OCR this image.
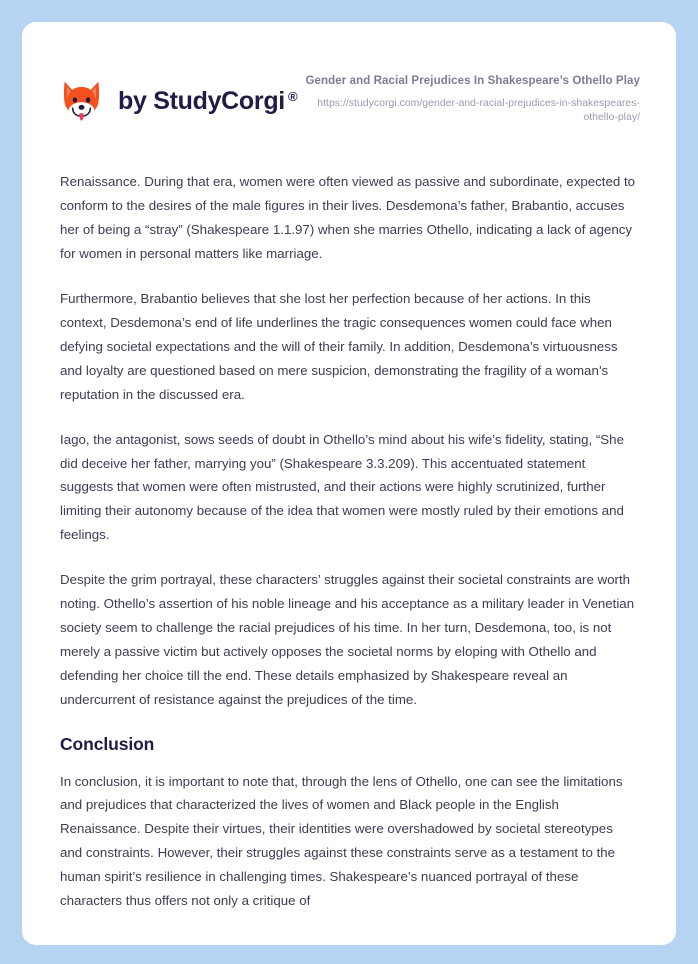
by StudyCorgi ®

Gender and Racial Prejudices In Shakespeare’s Othello Play

https://studycorgi.com/gender-and-racial-prejudices-in-shakespeares-othello-play/

Renaissance. During that era, women were often viewed as passive and subordinate, expected to conform to the desires of the male figures in their lives. Desdemona’s father, Brabantio, accuses her of being a “stray” (Shakespeare 1.1.97) when she marries Othello, indicating a lack of agency for women in personal matters like marriage.

Furthermore, Brabantio believes that she lost her perfection because of her actions. In this context, Desdemona’s end of life underlines the tragic consequences women could face when defying societal expectations and the will of their family. In addition, Desdemona’s virtuousness and loyalty are questioned based on mere suspicion, demonstrating the fragility of a woman’s reputation in the discussed era.

Iago, the antagonist, sows seeds of doubt in Othello’s mind about his wife’s fidelity, stating, “She did deceive her father, marrying you” (Shakespeare 3.3.209). This accentuated statement suggests that women were often mistrusted, and their actions were highly scrutinized, further limiting their autonomy because of the idea that women were mostly ruled by their emotions and feelings.

Despite the grim portrayal, these characters’ struggles against their societal constraints are worth noting. Othello’s assertion of his noble lineage and his acceptance as a military leader in Venetian society seem to challenge the racial prejudices of his time. In her turn, Desdemona, too, is not merely a passive victim but actively opposes the societal norms by eloping with Othello and defending her choice till the end. These details emphasized by Shakespeare reveal an undercurrent of resistance against the prejudices of the time.

Conclusion

In conclusion, it is important to note that, through the lens of Othello, one can see the limitations and prejudices that characterized the lives of women and Black people in the English Renaissance. Despite their virtues, their identities were overshadowed by societal stereotypes and constraints. However, their struggles against these constraints serve as a testament to the human spirit’s resilience in challenging times. Shakespeare’s nuanced portrayal of these characters thus offers not only a critique of
